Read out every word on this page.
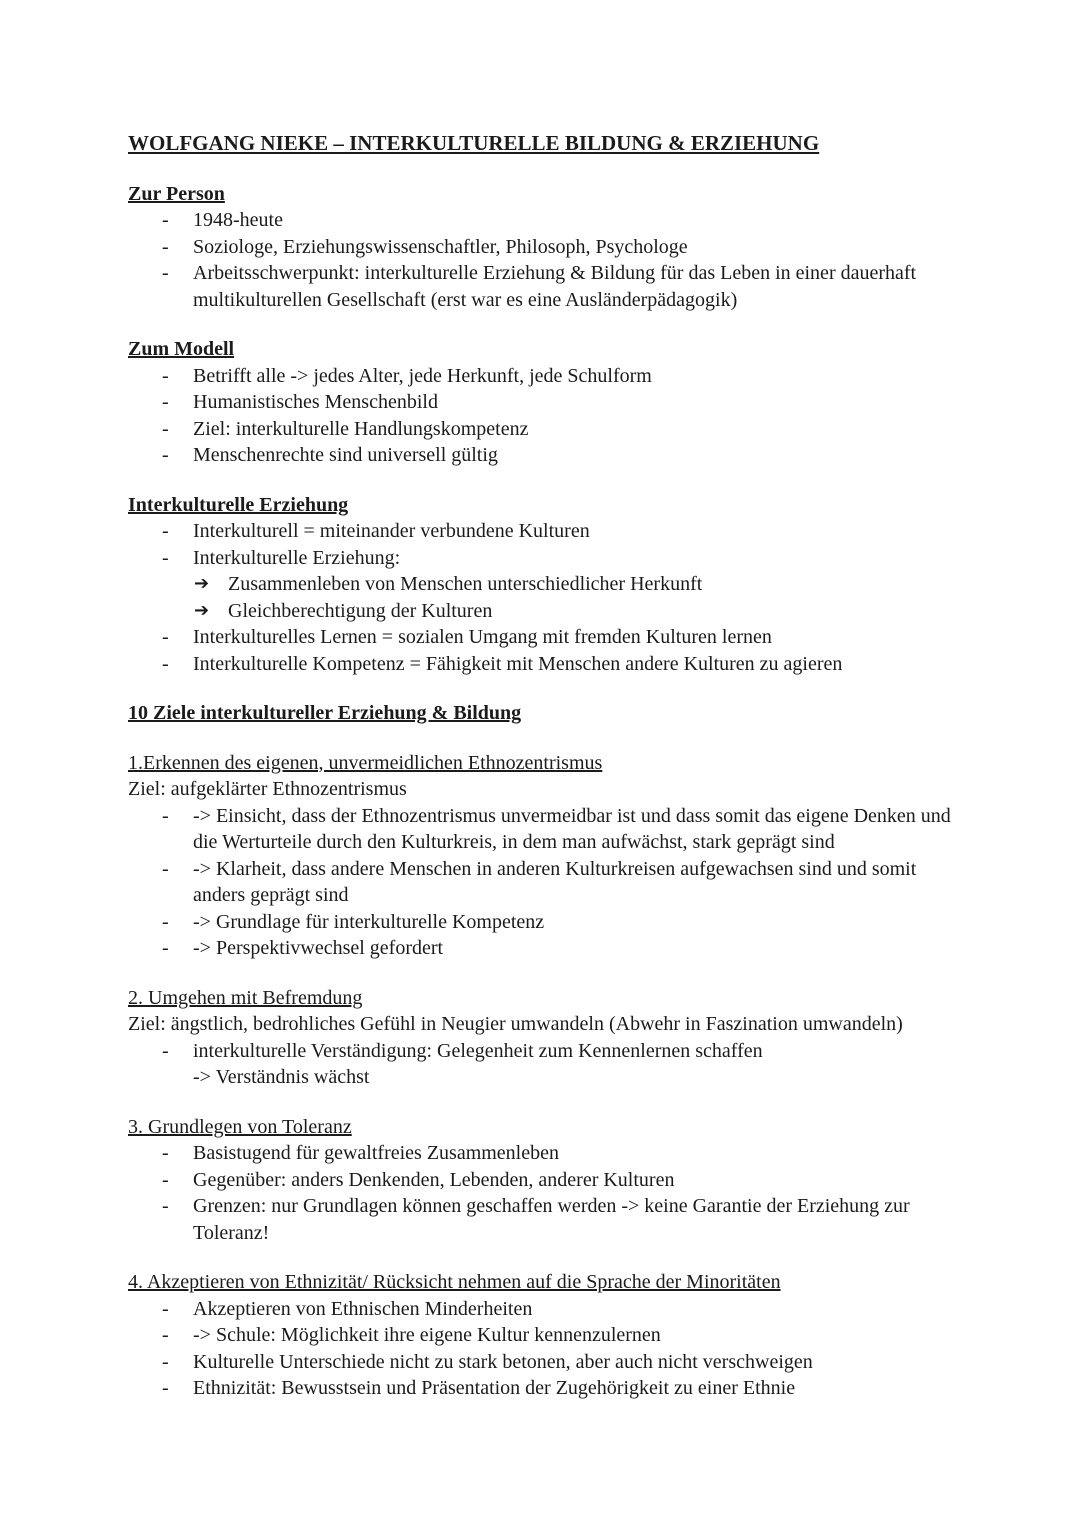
WOLFGANG NIEKE – INTERKULTURELLE BILDUNG & ERZIEHUNG
Zur Person
- 1948-heute
- Soziologe, Erziehungswissenschaftler, Philosoph, Psychologe
- Arbeitsschwerpunkt: interkulturelle Erziehung & Bildung für das Leben in einer dauerhaft multikulturellen Gesellschaft (erst war es eine Ausländerpädagogik)
Zum Modell
- Betrifft alle -> jedes Alter, jede Herkunft, jede Schulform
- Humanistisches Menschenbild
- Ziel: interkulturelle Handlungskompetenz
- Menschenrechte sind universell gültig
Interkulturelle Erziehung
- Interkulturell = miteinander verbundene Kulturen
- Interkulturelle Erziehung:
➔ Zusammenleben von Menschen unterschiedlicher Herkunft
➔ Gleichberechtigung der Kulturen
- Interkulturelles Lernen = sozialen Umgang mit fremden Kulturen lernen
- Interkulturelle Kompetenz = Fähigkeit mit Menschen andere Kulturen zu agieren
10 Ziele interkultureller Erziehung & Bildung
1.Erkennen des eigenen, unvermeidlichen Ethnozentrismus
Ziel: aufgeklärter Ethnozentrismus
- -> Einsicht, dass der Ethnozentrismus unvermeidbar ist und dass somit das eigene Denken und die Werturteile durch den Kulturkreis, in dem man aufwächst, stark geprägt sind
- -> Klarheit, dass andere Menschen in anderen Kulturkreisen aufgewachsen sind und somit anders geprägt sind
- -> Grundlage für interkulturelle Kompetenz
- -> Perspektivwechsel gefordert
2. Umgehen mit Befremdung
Ziel: ängstlich, bedrohliches Gefühl in Neugier umwandeln (Abwehr in Faszination umwandeln)
- interkulturelle Verständigung: Gelegenheit zum Kennenlernen schaffen
-> Verständnis wächst
3. Grundlegen von Toleranz
- Basistugend für gewaltfreies Zusammenleben
- Gegenüber: anders Denkenden, Lebenden, anderer Kulturen
- Grenzen: nur Grundlagen können geschaffen werden -> keine Garantie der Erziehung zur Toleranz!
4. Akzeptieren von Ethnizität/ Rücksicht nehmen auf die Sprache der Minoritäten
- Akzeptieren von Ethnischen Minderheiten
- -> Schule: Möglichkeit ihre eigene Kultur kennenzulernen
- Kulturelle Unterschiede nicht zu stark betonen, aber auch nicht verschweigen
- Ethnizität: Bewusstsein und Präsentation der Zugehörigkeit zu einer Ethnie
